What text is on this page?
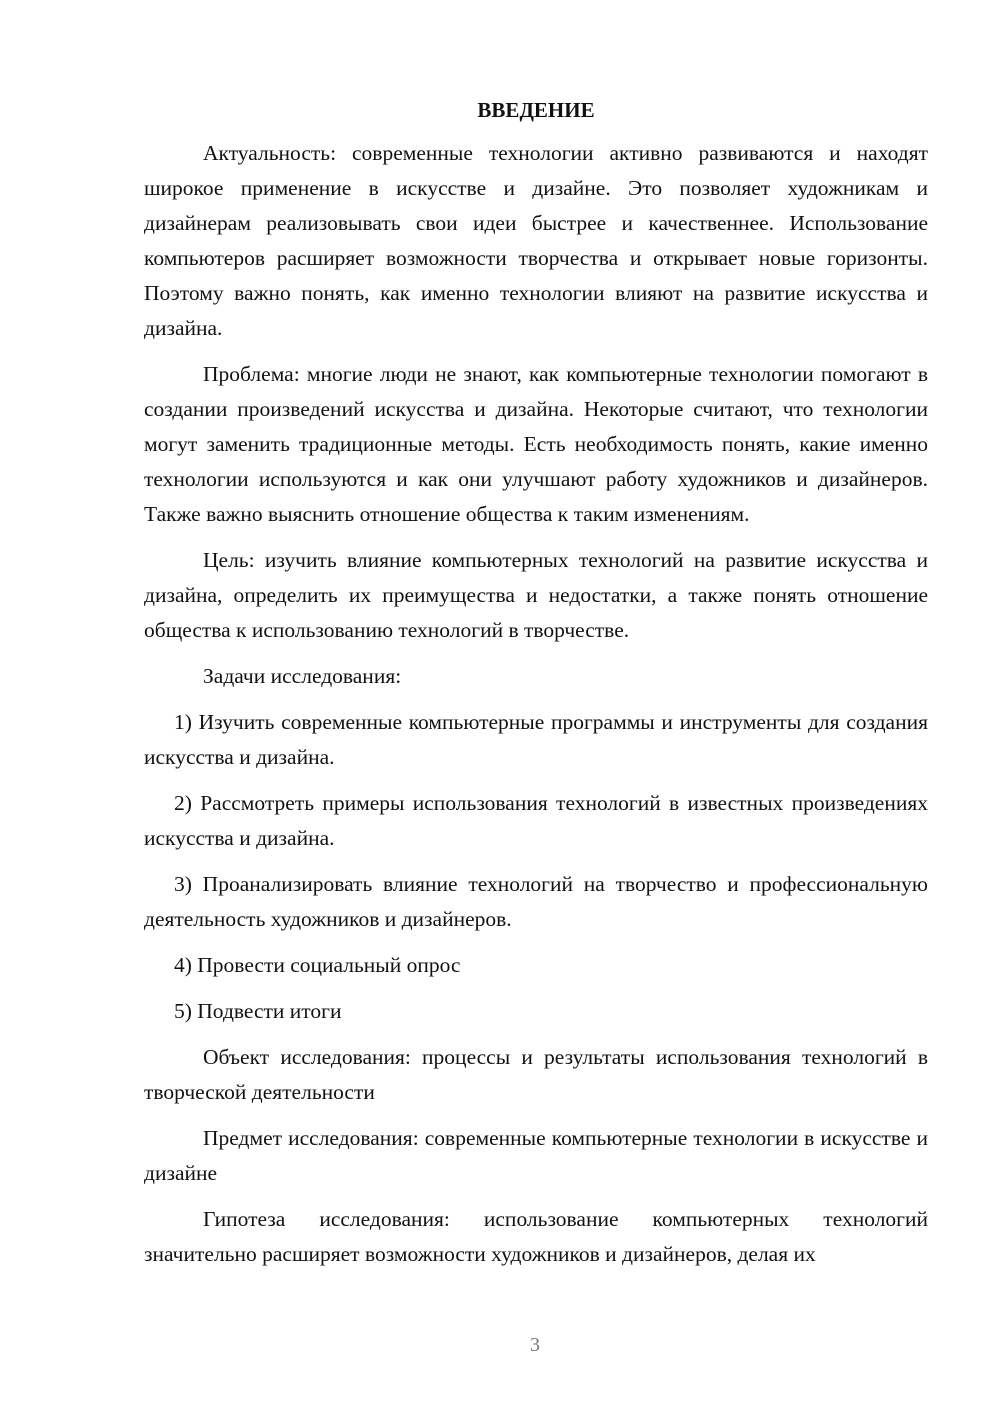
ВВЕДЕНИЕ

Актуальность: современные технологии активно развиваются и находят широкое применение в искусстве и дизайне. Это позволяет художникам и дизайнерам реализовывать свои идеи быстрее и качественнее. Использование компьютеров расширяет возможности творчества и открывает новые горизонты. Поэтому важно понять, как именно технологии влияют на развитие искусства и дизайна.

Проблема: многие люди не знают, как компьютерные технологии помогают в создании произведений искусства и дизайна. Некоторые считают, что технологии могут заменить традиционные методы. Есть необходимость понять, какие именно технологии используются и как они улучшают работу художников и дизайнеров. Также важно выяснить отношение общества к таким изменениям.

Цель: изучить влияние компьютерных технологий на развитие искусства и дизайна, определить их преимущества и недостатки, а также понять отношение общества к использованию технологий в творчестве.

Задачи исследования:

1) Изучить современные компьютерные программы и инструменты для создания искусства и дизайна.

2) Рассмотреть примеры использования технологий в известных произведениях искусства и дизайна.

3) Проанализировать влияние технологий на творчество и профессиональную деятельность художников и дизайнеров.

4) Провести социальный опрос

5) Подвести итоги

Объект исследования: процессы и результаты использования технологий в творческой деятельности

Предмет исследования: современные компьютерные технологии в искусстве и дизайне

Гипотеза исследования: использование компьютерных технологий значительно расширяет возможности художников и дизайнеров, делая их

3
